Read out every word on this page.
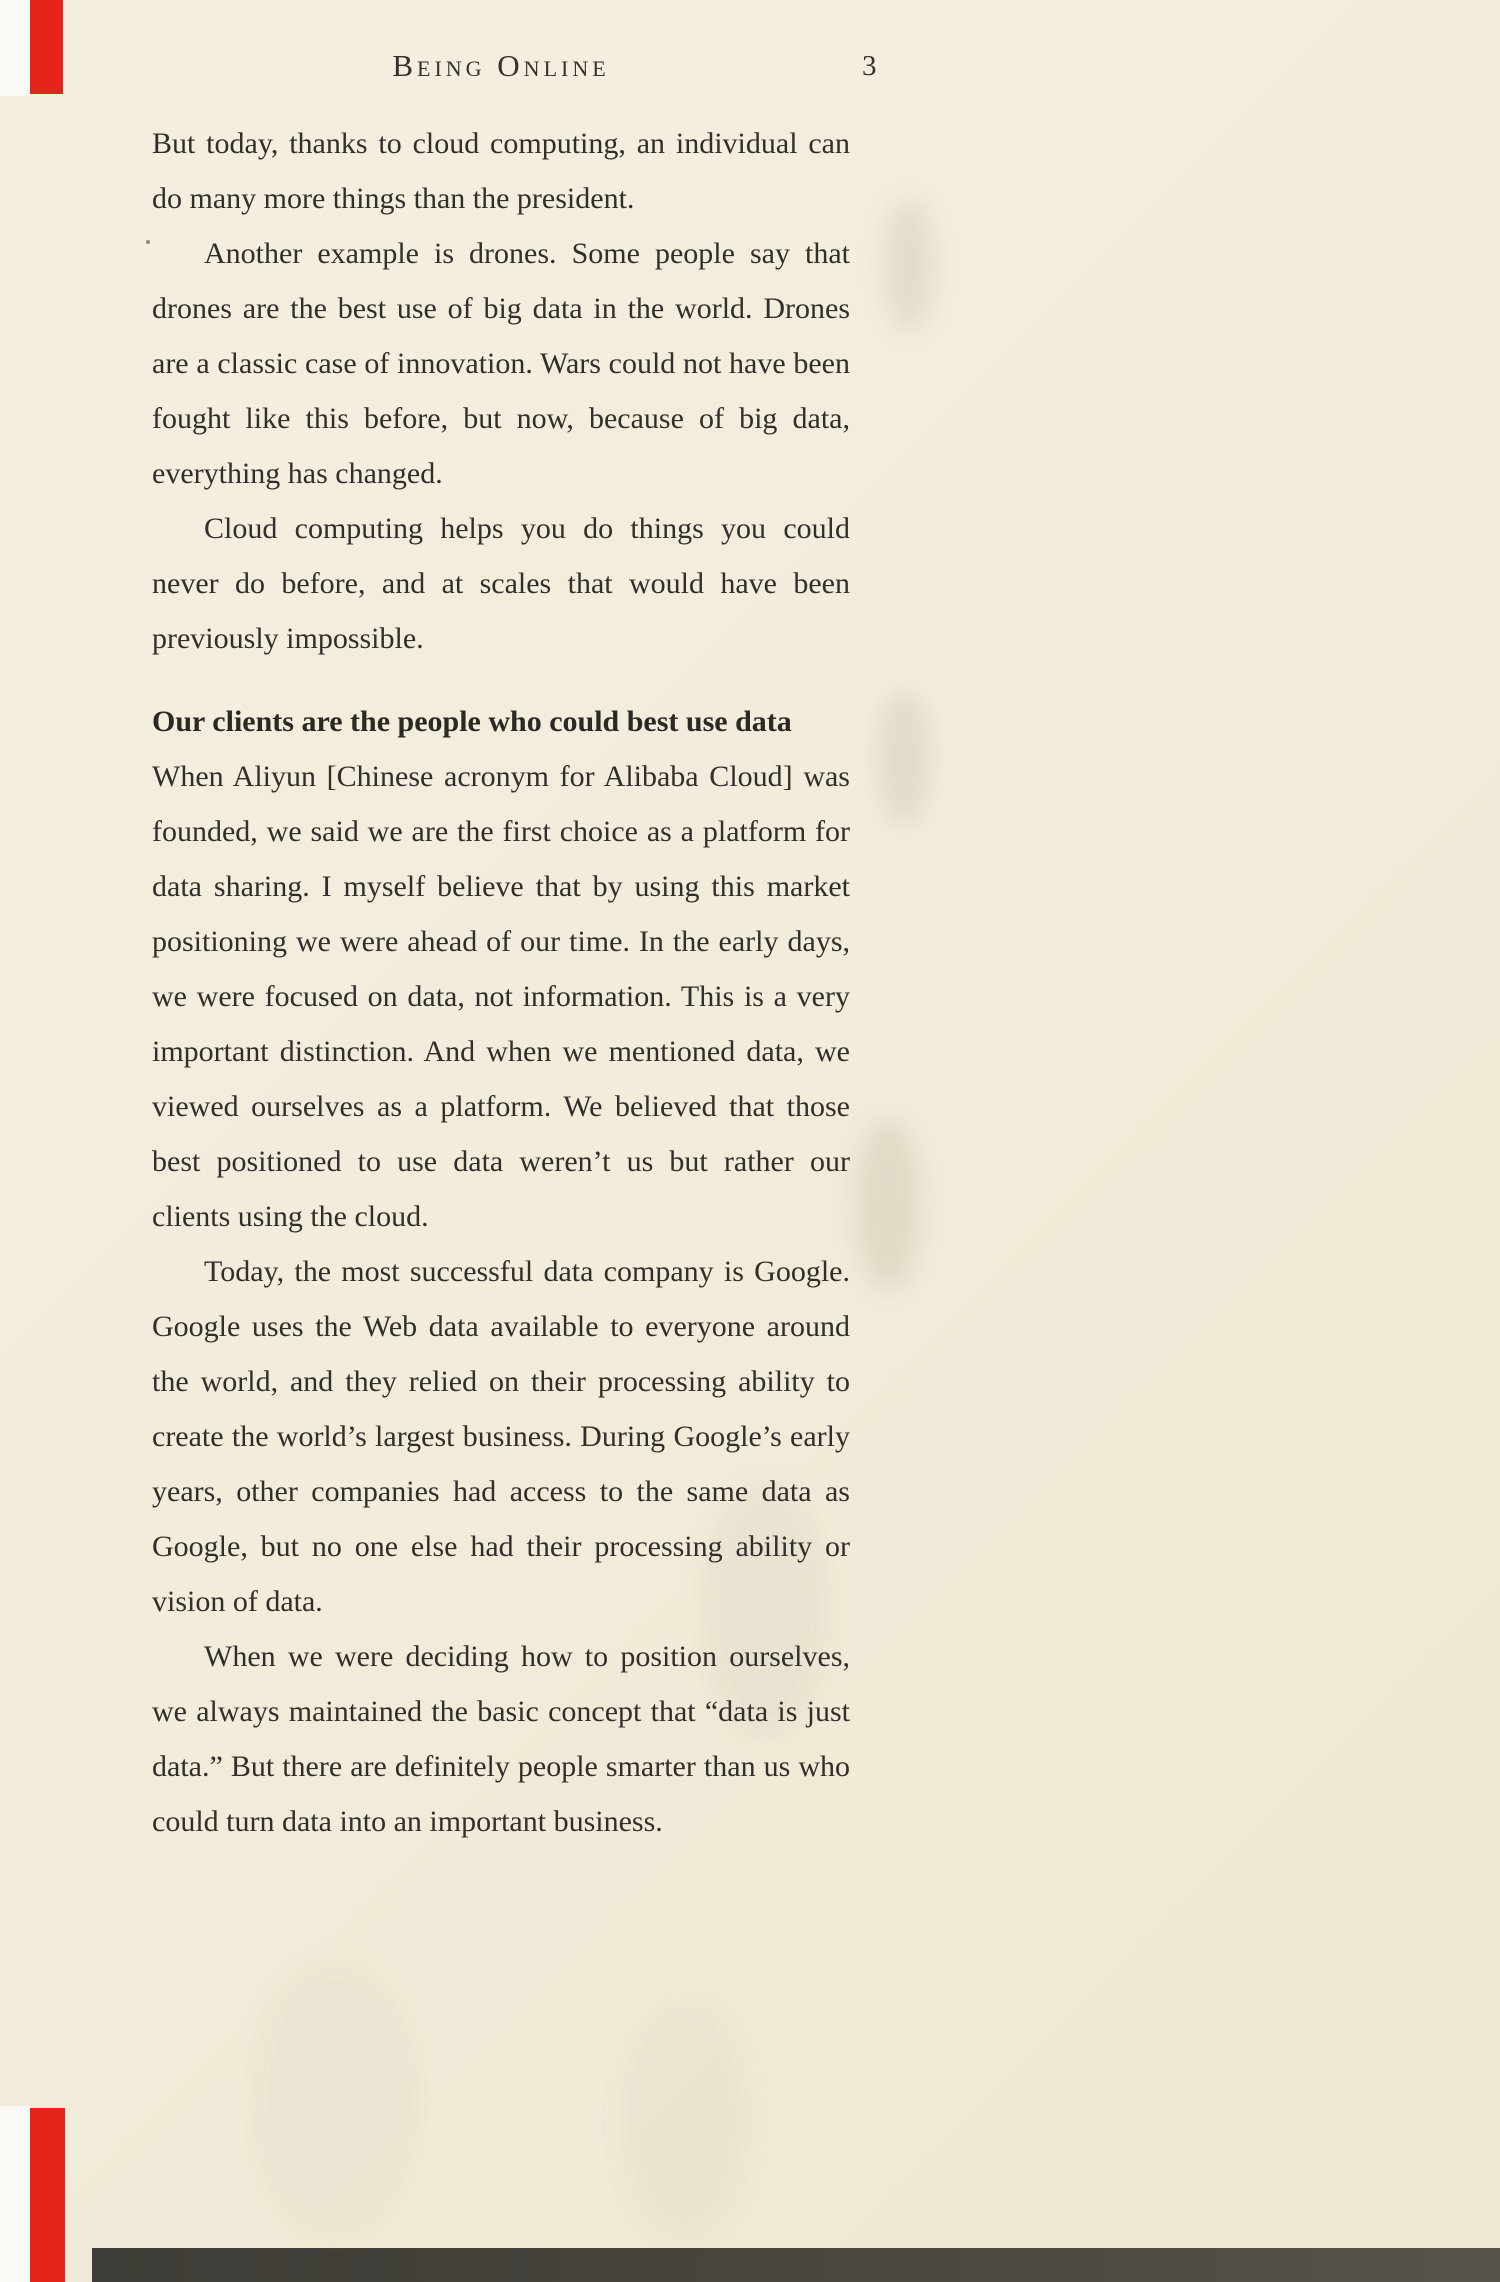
Being Online	3

But today, thanks to cloud computing, an individual can do many more things than the president.

Another example is drones. Some people say that drones are the best use of big data in the world. Drones are a classic case of innovation. Wars could not have been fought like this before, but now, because of big data, everything has changed.

Cloud computing helps you do things you could never do before, and at scales that would have been previously impossible.

Our clients are the people who could best use data

When Aliyun [Chinese acronym for Alibaba Cloud] was founded, we said we are the first choice as a platform for data sharing. I myself believe that by using this market positioning we were ahead of our time. In the early days, we were focused on data, not information. This is a very important distinction. And when we mentioned data, we viewed ourselves as a platform. We believed that those best positioned to use data weren’t us but rather our clients using the cloud.

Today, the most successful data company is Google. Google uses the Web data available to everyone around the world, and they relied on their processing ability to create the world’s largest business. During Google’s early years, other companies had access to the same data as Google, but no one else had their processing ability or vision of data.

When we were deciding how to position ourselves, we always maintained the basic concept that “data is just data.” But there are definitely people smarter than us who could turn data into an important business.
